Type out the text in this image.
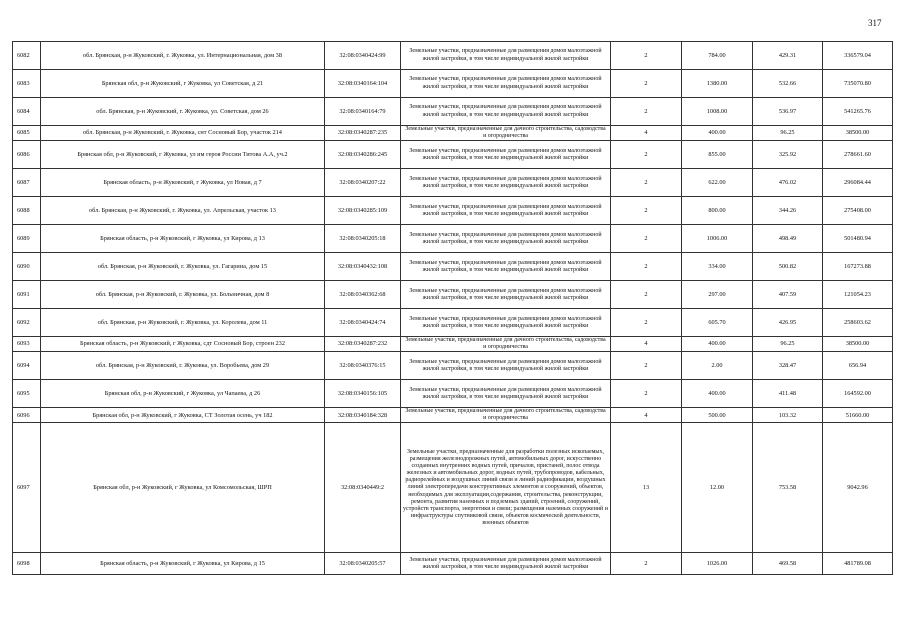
317
6082	обл. Брянская, р-н Жуковский, г. Жуковка, ул. Интернациональная, дом 38	32:08:0340424:99	Земельные участки, предназначенные для размещения домов малоэтажной жилой застройки, в том числе индивидуальной жилой застройки	2	784.00	429.31	336579.04
6083	Брянская обл, р-н Жуковский, г Жуковка, ул Советская, д 21	32:08:0340164:104	Земельные участки, предназначенные для размещения домов малоэтажной жилой застройки, в том числе индивидуальной жилой застройки	2	1380.00	532.66	735070.80
6084	обл. Брянская, р-н Жуковский, г. Жуковка, ул. Советская, дом 26	32:08:0340164:79	Земельные участки, предназначенные для размещения домов малоэтажной жилой застройки, в том числе индивидуальной жилой застройки	2	1008.00	536.97	541265.76
6085	обл. Брянская, р-н Жуковский, г. Жуковка, снт Сосновый Бор, участок 214	32:08:0340287:235	Земельные участки, предназначенные для дачного строительства, садоводства и огородничества	4	400.00	96.25	38500.00
6086	Брянская обл, р-н Жуковский, г Жуковка, ул им героя России Титова А.А, уч.2	32:08:0340286:245	Земельные участки, предназначенные для размещения домов малоэтажной жилой застройки, в том числе индивидуальной жилой застройки	2	855.00	325.92	278661.60
6087	Брянская область, р-н Жуковский, г Жуковка, ул Новая, д 7	32:08:0340207:22	Земельные участки, предназначенные для размещения домов малоэтажной жилой застройки, в том числе индивидуальной жилой застройки	2	622.00	476.02	296084.44
6088	обл. Брянская, р-н Жуковский, г. Жуковка, ул. Апрельская, участок 13	32:08:0340285:109	Земельные участки, предназначенные для размещения домов малоэтажной жилой застройки, в том числе индивидуальной жилой застройки	2	800.00	344.26	275408.00
6089	Брянская область, р-н Жуковский, г Жуковка, ул Кирова, д 13	32:08:0340205:18	Земельные участки, предназначенные для размещения домов малоэтажной жилой застройки, в том числе индивидуальной жилой застройки	2	1006.00	498.49	501480.94
6090	обл. Брянская, р-н Жуковский, г. Жуковка, ул. Гагарина, дом 15	32:08:0340432:108	Земельные участки, предназначенные для размещения домов малоэтажной жилой застройки, в том числе индивидуальной жилой застройки	2	334.00	500.82	167273.88
6091	обл. Брянская, р-н Жуковский, г. Жуковка, ул. Больничная, дом 8	32:08:0340362:68	Земельные участки, предназначенные для размещения домов малоэтажной жилой застройки, в том числе индивидуальной жилой застройки	2	297.00	407.59	121054.23
6092	обл. Брянская, р-н Жуковский, г. Жуковка, ул. Королева, дом 11	32:08:0340424:74	Земельные участки, предназначенные для размещения домов малоэтажной жилой застройки, в том числе индивидуальной жилой застройки	2	605.70	426.95	258603.62
6093	Брянская область, р-н Жуковский, г Жуковка, сдт Сосновый Бор, строен 232	32:08:0340287:232	Земельные участки, предназначенные для дачного строительства, садоводства и огородничества	4	400.00	96.25	38500.00
6094	обл. Брянская, р-н Жуковский, г. Жуковка, ул. Воробьева, дом 29	32:08:0340376:15	Земельные участки, предназначенные для размещения домов малоэтажной жилой застройки, в том числе индивидуальной жилой застройки	2	2.00	328.47	656.94
6095	Брянская обл, р-н Жуковский, г Жуковка, ул Чапаева, д 26	32:08:0340156:105	Земельные участки, предназначенные для размещения домов малоэтажной жилой застройки, в том числе индивидуальной жилой застройки	2	400.00	411.48	164592.00
6096	Брянская обл, р-н Жуковский, г Жуковка, СТ Золотая осень, уч 182	32:08:0340184:328	Земельные участки, предназначенные для дачного строительства, садоводства и огородничества	4	500.00	103.32	51660.00
6097	Брянская обл, р-н Жуковский, г Жуковка, ул Комсомольская, ШРП	32:08:0340449:2	Земельные участки, предназначенные для разработки полезных ископаемых, размещения железнодорожных путей, автомобильных дорог, искусственно созданных внутренних водных путей, причалов, пристаней, полос отвода железных и автомобильных дорог, водных путей, трубопроводов, кабельных, радиорелейных и воздушных линий связи и линий радиофикации, воздушных линий электропередачи конструктивных элементов и сооружений, объектов, необходимых для эксплуатации,содержания, строительства, реконструкции, ремонта, развития наземных и подземных зданий, строений, сооружений, устройств транспорта, энергетики и связи; размещения наземных сооружений и инфраструктуры спутниковой связи, объектов космической деятельности, военных объектов	13	12.00	753.58	9042.96
6098	Брянская область, р-н Жуковский, г Жуковка, ул Кирова, д 15	32:08:0340205:57	Земельные участки, предназначенные для размещения домов малоэтажной жилой застройки, в том числе индивидуальной жилой застройки	2	1026.00	469.58	481789.08
